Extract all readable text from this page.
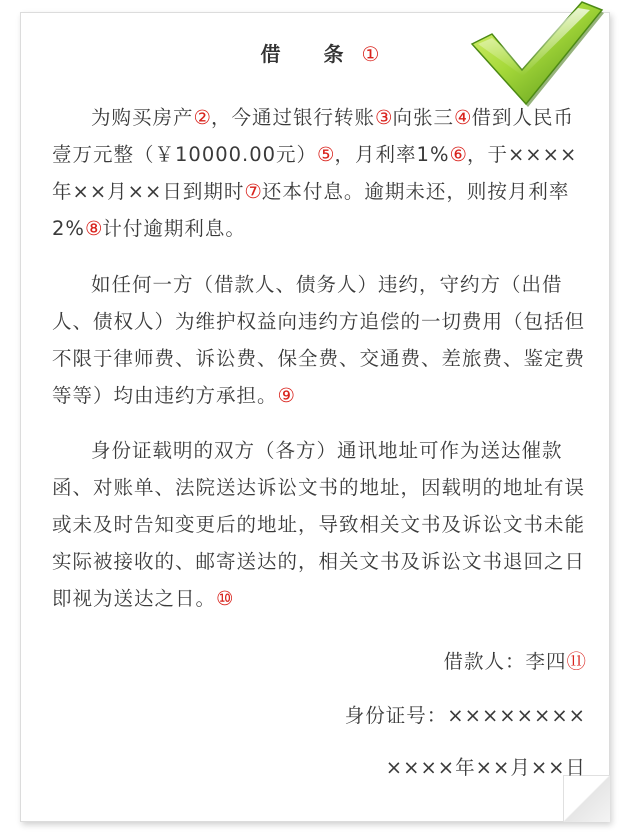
借 条①

为购买房产②，今通过银行转账③向张三④借到人民币壹万元整（￥10000.00元）⑤，月利率1%⑥，于××××年××月××日到期时⑦还本付息。逾期未还，则按月利率2%⑧计付逾期利息。

如任何一方（借款人、债务人）违约，守约方（出借人、债权人）为维护权益向违约方追偿的一切费用（包括但不限于律师费、诉讼费、保全费、交通费、差旅费、鉴定费等等）均由违约方承担。⑨

身份证载明的双方（各方）通讯地址可作为送达催款函、对账单、法院送达诉讼文书的地址，因载明的地址有误或未及时告知变更后的地址，导致相关文书及诉讼文书未能实际被接收的、邮寄送达的，相关文书及诉讼文书退回之日即视为送达之日。⑩

借款人：李四⑪
身份证号：××××××××
××××年××月××日
